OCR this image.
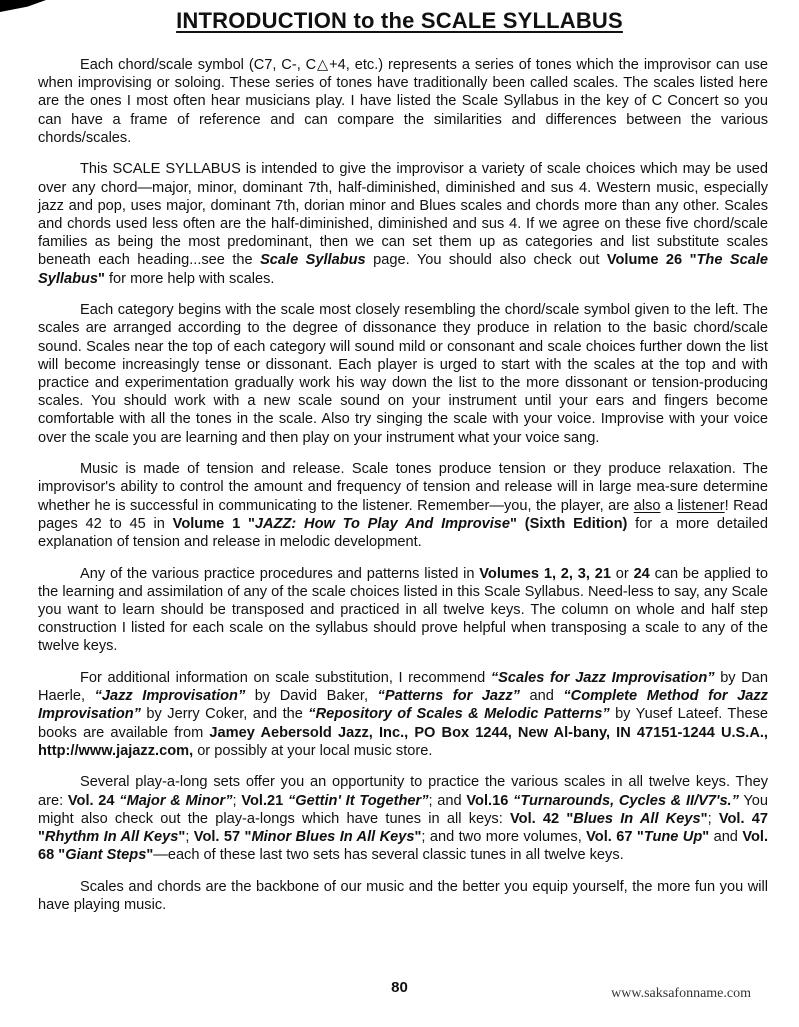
INTRODUCTION to the SCALE SYLLABUS

Each chord/scale symbol (C7, C-, C△+4, etc.) represents a series of tones which the improvisor can use when improvising or soloing. These series of tones have traditionally been called scales. The scales listed here are the ones I most often hear musicians play. I have listed the Scale Syllabus in the key of C Concert so you can have a frame of reference and can compare the similarities and differences between the various chords/scales.

This SCALE SYLLABUS is intended to give the improvisor a variety of scale choices which may be used over any chord—major, minor, dominant 7th, half-diminished, diminished and sus 4. Western music, especially jazz and pop, uses major, dominant 7th, dorian minor and Blues scales and chords more than any other. Scales and chords used less often are the half-diminished, diminished and sus 4. If we agree on these five chord/scale families as being the most predominant, then we can set them up as categories and list substitute scales beneath each heading...see the Scale Syllabus page. You should also check out Volume 26 "The Scale Syllabus" for more help with scales.

Each category begins with the scale most closely resembling the chord/scale symbol given to the left. The scales are arranged according to the degree of dissonance they produce in relation to the basic chord/scale sound. Scales near the top of each category will sound mild or consonant and scale choices further down the list will become increasingly tense or dissonant. Each player is urged to start with the scales at the top and with practice and experimentation gradually work his way down the list to the more dissonant or tension-producing scales. You should work with a new scale sound on your instrument until your ears and fingers become comfortable with all the tones in the scale. Also try singing the scale with your voice. Improvise with your voice over the scale you are learning and then play on your instrument what your voice sang.

Music is made of tension and release. Scale tones produce tension or they produce relaxation. The improvisor's ability to control the amount and frequency of tension and release will in large mea-sure determine whether he is successful in communicating to the listener. Remember—you, the player, are also a listener! Read pages 42 to 45 in Volume 1 "JAZZ: How To Play And Improvise" (Sixth Edition) for a more detailed explanation of tension and release in melodic development.

Any of the various practice procedures and patterns listed in Volumes 1, 2, 3, 21 or 24 can be applied to the learning and assimilation of any of the scale choices listed in this Scale Syllabus. Need-less to say, any Scale you want to learn should be transposed and practiced in all twelve keys. The column on whole and half step construction I listed for each scale on the syllabus should prove helpful when transposing a scale to any of the twelve keys.

For additional information on scale substitution, I recommend “Scales for Jazz Improvisation” by Dan Haerle, “Jazz Improvisation” by David Baker, “Patterns for Jazz” and “Complete Method for Jazz Improvisation” by Jerry Coker, and the “Repository of Scales & Melodic Patterns” by Yusef Lateef. These books are available from Jamey Aebersold Jazz, Inc., PO Box 1244, New Al-bany, IN 47151-1244 U.S.A., http://www.jajazz.com, or possibly at your local music store.

Several play-a-long sets offer you an opportunity to practice the various scales in all twelve keys. They are: Vol. 24 “Major & Minor”; Vol.21 “Gettin' It Together”; and Vol.16 “Turnarounds, Cycles & II/V7's.” You might also check out the play-a-longs which have tunes in all keys: Vol. 42 "Blues In All Keys"; Vol. 47 "Rhythm In All Keys"; Vol. 57 "Minor Blues In All Keys"; and two more volumes, Vol. 67 "Tune Up" and Vol. 68 "Giant Steps"—each of these last two sets has several classic tunes in all twelve keys.

Scales and chords are the backbone of our music and the better you equip yourself, the more fun you will have playing music.

80	www.saksafonname.com
